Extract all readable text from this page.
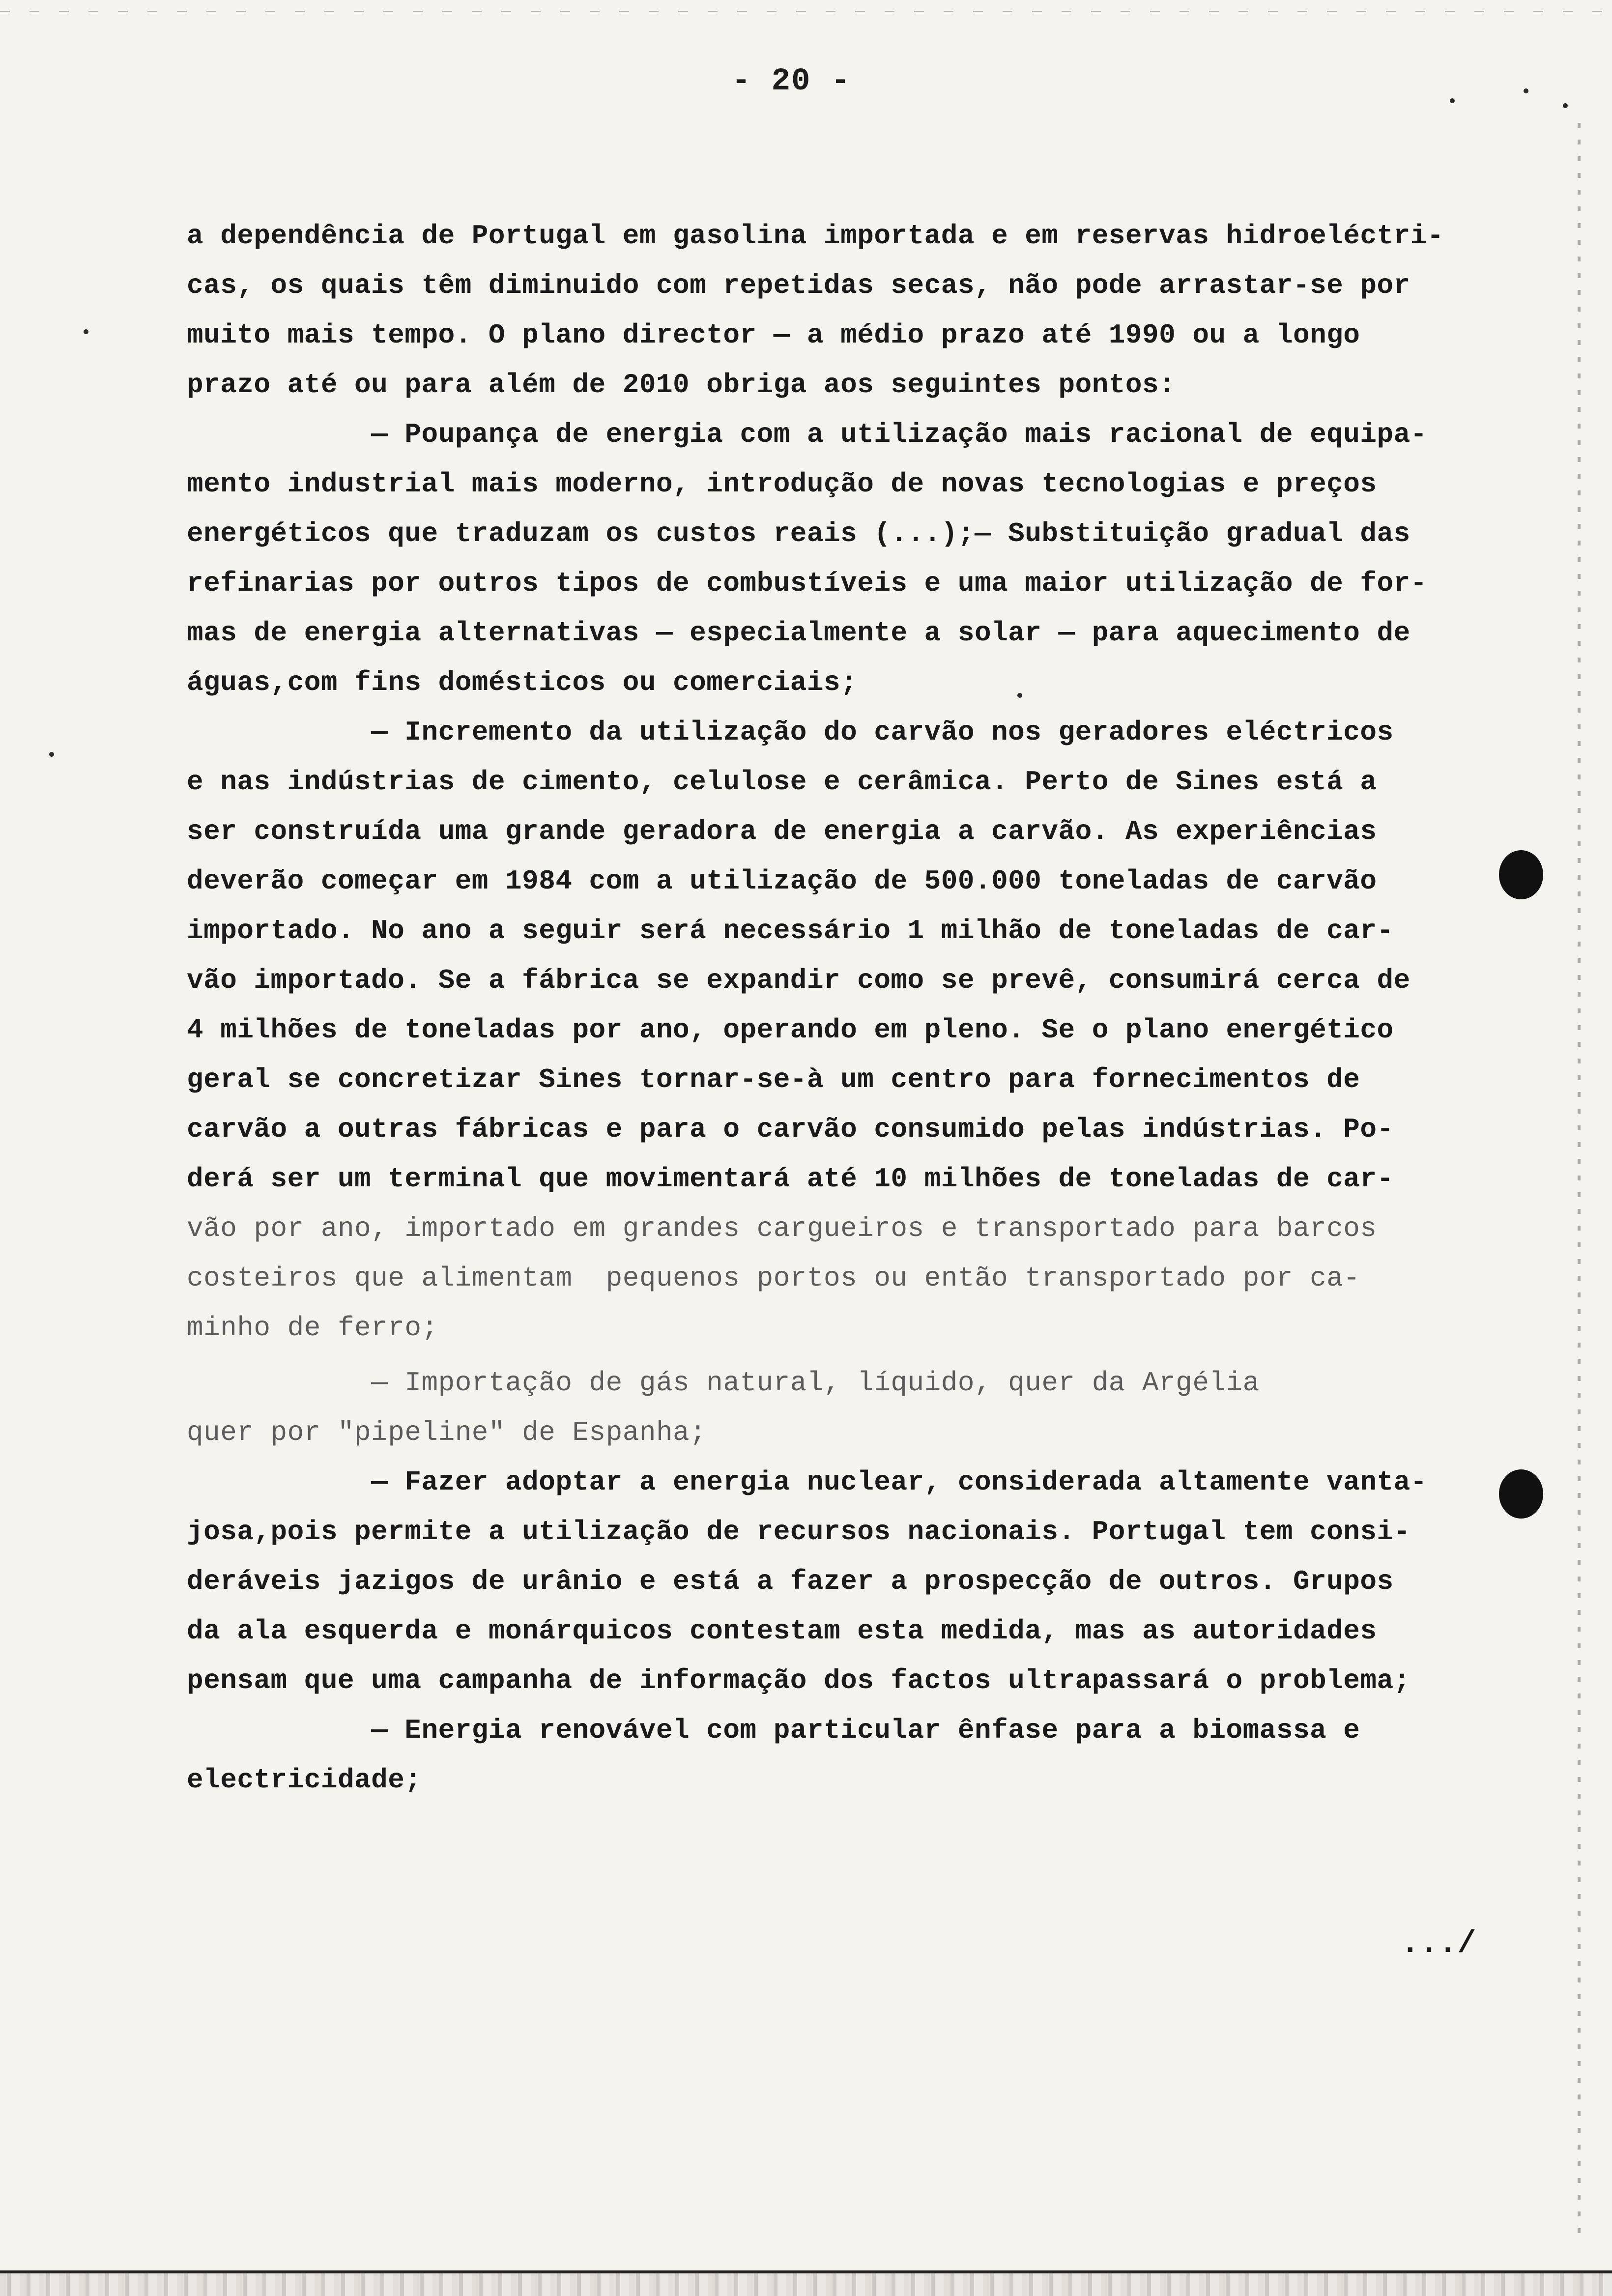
- 20 -
a dependência de Portugal em gasolina importada e em reservas hidroeléctri-
cas, os quais têm diminuido com repetidas secas, não pode arrastar-se por
muito mais tempo. O plano director — a médio prazo até 1990 ou a longo
prazo até ou para além de 2010 obriga aos seguintes pontos:
— Poupança de energia com a utilização mais racional de equipa-
mento industrial mais moderno, introdução de novas tecnologias e preços
energéticos que traduzam os custos reais (...);— Substituição gradual das
refinarias por outros tipos de combustíveis e uma maior utilização de for-
mas de energia alternativas — especialmente a solar — para aquecimento de
águas,com fins domésticos ou comerciais;
— Incremento da utilização do carvão nos geradores eléctricos
e nas indústrias de cimento, celulose e cerâmica. Perto de Sines está a
ser construída uma grande geradora de energia a carvão. As experiências
deverão começar em 1984 com a utilização de 500.000 toneladas de carvão
importado. No ano a seguir será necessário 1 milhão de toneladas de car-
vão importado. Se a fábrica se expandir como se prevê, consumirá cerca de
4 milhões de toneladas por ano, operando em pleno. Se o plano energético
geral se concretizar Sines tornar-se-à um centro para fornecimentos de
carvão a outras fábricas e para o carvão consumido pelas indústrias. Po-
derá ser um terminal que movimentará até 10 milhões de toneladas de car-
vão por ano, importado em grandes cargueiros e transportado para barcos
costeiros que alimentam  pequenos portos ou então transportado por ca-
minho de ferro;
— Importação de gás natural, líquido, quer da Argélia
quer por "pipeline" de Espanha;
— Fazer adoptar a energia nuclear, considerada altamente vanta-
josa,pois permite a utilização de recursos nacionais. Portugal tem consi-
deráveis jazigos de urânio e está a fazer a prospecção de outros. Grupos
da ala esquerda e monárquicos contestam esta medida, mas as autoridades
pensam que uma campanha de informação dos factos ultrapassará o problema;
— Energia renovável com particular ênfase para a biomassa e
electricidade;
.../
